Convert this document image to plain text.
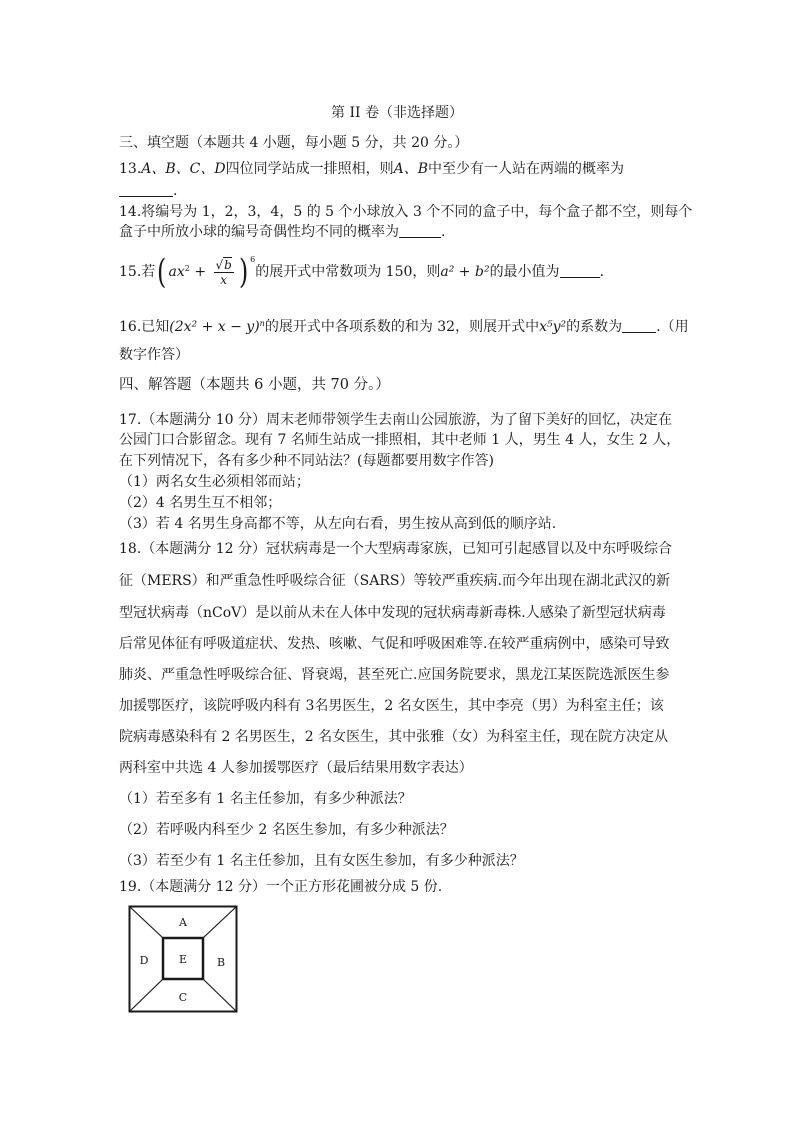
第 II 卷（非选择题）
三、填空题（本题共 4 小题，每小题 5 分，共 20 分。）
13.A、B、C、D四位同学站成一排照相，则A、B中至少有一人站在两端的概率为
.
14.将编号为 1，2，3，4，5 的 5 个小球放入 3 个不同的盒子中，每个盒子都不空，则每个
盒子中所放小球的编号奇偶性均不同的概率为	.
15.若( $ax^2 + \frac{√b}{x}$ ) $^6$的展开式中常数项为 150，则a² + b²的最小值为	.
16.已知$(2x^2 + x - y)^n$的展开式中各项系数的和为 32，则展开式中x⁵y²的系数为 .（用
数字作答）
四、解答题（本题共 6 小题，共 70 分。）
17.（本题满分 10 分）周末老师带领学生去南山公园旅游，为了留下美好的回忆，决定在
公园门口合影留念。现有 7 名师生站成一排照相，其中老师 1 人，男生 4 人，女生 2 人，
在下列情况下，各有多少种不同站法？(每题都要用数字作答)
（1）两名女生必须相邻而站；
（2）4 名男生互不相邻；
（3）若 4 名男生身高都不等，从左向右看，男生按从高到低的顺序站.
18.（本题满分 12 分）冠状病毒是一个大型病毒家族，已知可引起感冒以及中东呼吸综合
征（MERS）和严重急性呼吸综合征（SARS）等较严重疾病.而今年出现在湖北武汉的新
型冠状病毒（nCoV）是以前从未在人体中发现的冠状病毒新毒株.人感染了新型冠状病毒
后常见体征有呼吸道症状、发热、咳嗽、气促和呼吸困难等.在较严重病例中，感染可导致
肺炎、严重急性呼吸综合征、肾衰竭，甚至死亡.应国务院要求，黑龙江某医院选派医生参
加援鄂医疗，该院呼吸内科有 3名男医生，2 名女医生，其中李亮（男）为科室主任；该
院病毒感染科有 2 名男医生，2 名女医生，其中张雅（女）为科室主任，现在院方决定从
两科室中共选 4 人参加援鄂医疗（最后结果用数字表达）
（1）若至多有 1 名主任参加，有多少种派法？
（2）若呼吸内科至少 2 名医生参加，有多少种派法？
（3）若至少有 1 名主任参加，且有女医生参加，有多少种派法？
19.（本题满分 12 分）一个正方形花圃被分成 5 份.
A
B
C
D	E
